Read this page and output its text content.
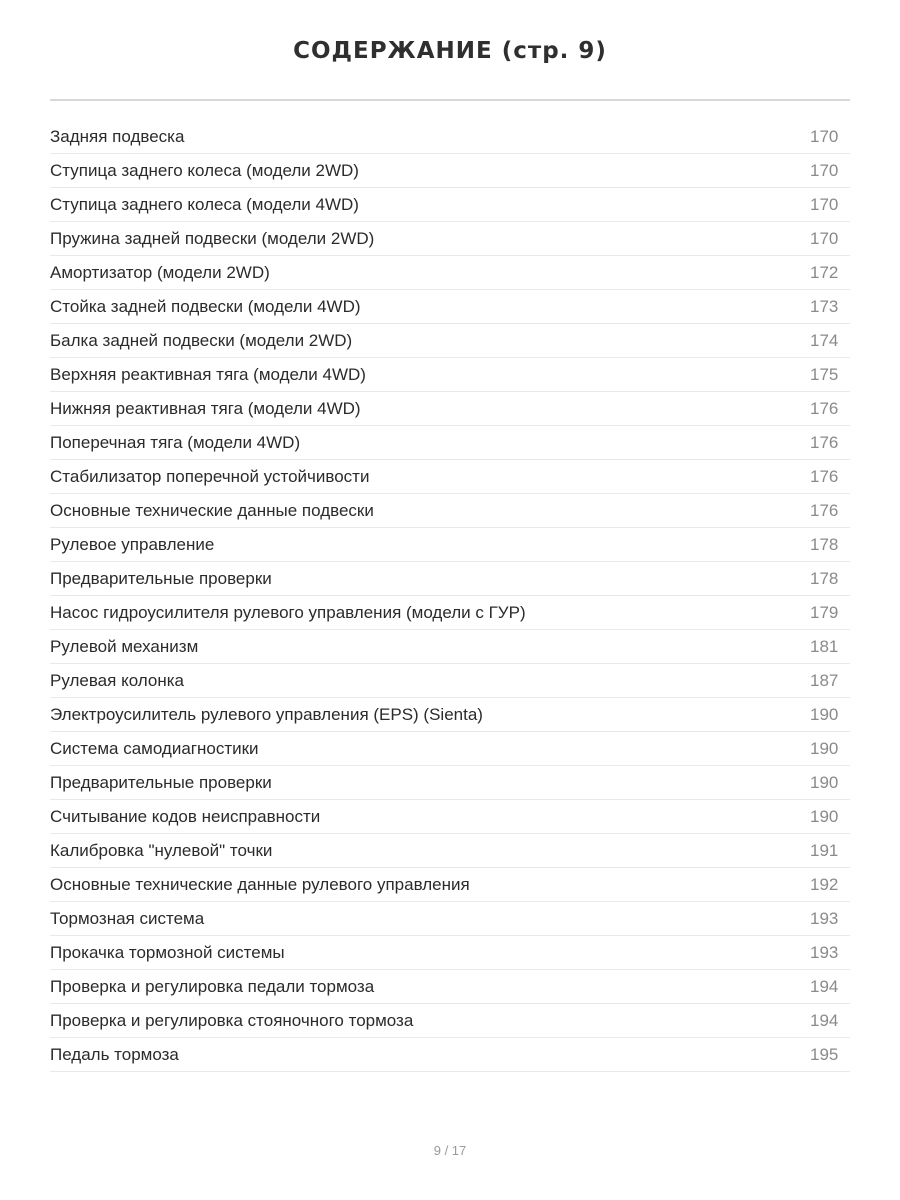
СОДЕРЖАНИЕ (стр. 9)
Задняя подвеска	170
Ступица заднего колеса (модели 2WD)	170
Ступица заднего колеса (модели 4WD)	170
Пружина задней подвески (модели 2WD)	170
Амортизатор (модели 2WD)	172
Стойка задней подвески (модели 4WD)	173
Балка задней подвески (модели 2WD)	174
Верхняя реактивная тяга (модели 4WD)	175
Нижняя реактивная тяга (модели 4WD)	176
Поперечная тяга (модели 4WD)	176
Стабилизатор поперечной устойчивости	176
Основные технические данные подвески	176
Рулевое управление	178
Предварительные проверки	178
Насос гидроусилителя рулевого управления (модели с ГУР)	179
Рулевой механизм	181
Рулевая колонка	187
Электроусилитель рулевого управления (EPS) (Sienta)	190
Система самодиагностики	190
Предварительные проверки	190
Считывание кодов неисправности	190
Калибровка "нулевой" точки	191
Основные технические данные рулевого управления	192
Тормозная система	193
Прокачка тормозной системы	193
Проверка и регулировка педали тормоза	194
Проверка и регулировка стояночного тормоза	194
Педаль тормоза	195
9 / 17
